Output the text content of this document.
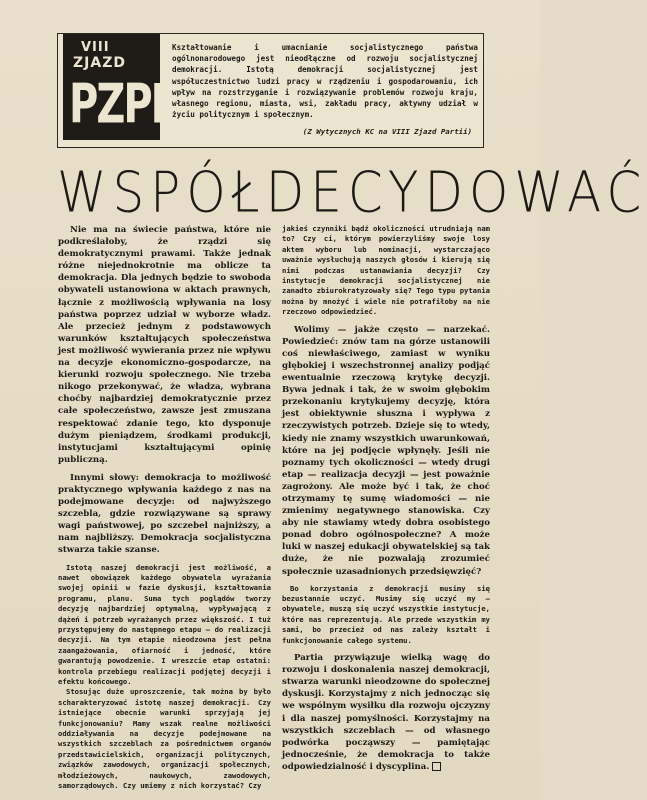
VIII
ZJAZD
PZPR
Kształtowanie i umacnianie socjalistycznego państwa ogólnonarodowego jest nieodłączne od rozwoju socjalistycznej demokracji. Istotą demokracji socjalistycznej jest współuczestnictwo ludzi pracy w rządzeniu i gospodarowaniu, ich wpływ na rozstrzyganie i rozwiązywanie problemów rozwoju kraju, własnego regionu, miasta, wsi, zakładu pracy, aktywny udział w życiu politycznym i społecznym.
(Z Wytycznych KC na VIII Zjazd Partii)
WSPÓŁDECYDOWAĆ

Nie ma na świecie państwa, które nie podkreślałoby, że rządzi się demokratycznymi prawami. Także jednak różne niejednokrotnie ma oblicze ta demokracja. Dla jednych będzie to swoboda obywateli ustanowiona w aktach prawnych, łącznie z możliwością wpływania na losy państwa poprzez udział w wyborze władz. Ale przecież jednym z podstawowych warunków kształtujących społeczeństwa jest możliwość wywierania przez nie wpływu na decyzje ekonomiczno-gospodarcze, na kierunki rozwoju społecznego. Nie trzeba nikogo przekonywać, że władza, wybrana choćby najbardziej demokratycznie przez całe społeczeństwo, zawsze jest zmuszana respektować zdanie tego, kto dysponuje dużym pieniądzem, środkami produkcji, instytucjami kształtującymi opinię publiczną.

Innymi słowy: demokracja to możliwość praktycznego wpływania każdego z nas na podejmowane decyzje: od najwyższego szczebla, gdzie rozwiązywane są sprawy wagi państwowej, po szczebel najniższy, a nam najbliższy. Demokracja socjalistyczna stwarza takie szanse.

Istotą naszej demokracji jest możliwość, a nawet obowiązek każdego obywatela wyrażania swojej opinii w fazie dyskusji, kształtowania programu, planu. Suma tych poglądów tworzy decyzję najbardziej optymalną, wypływającą z dążeń i potrzeb wyrażanych przez większość. I tuż przystępujemy do następnego etapu — do realizacji decyzji. Na tym etapie nieodzowna jest pełna zaangażowania, ofiarność i jedność, które gwarantują powodzenie. I wreszcie etap ostatni: kontrola przebiegu realizacji podjętej decyzji i efektu końcowego.

Stosując duże uproszczenie, tak można by było scharakteryzować istotę naszej demokracji. Czy istniejące obecnie warunki sprzyjają jej funkcjonowaniu? Mamy wszak realne możliwości oddziaływania na decyzje podejmowane na wszystkich szczeblach za pośrednictwem organów przedstawicielskich, organizacji politycznych, związków zawodowych, organizacji społecznych, młodzieżowych, naukowych, zawodowych, samorządowych. Czy umiemy z nich korzystać? Czy

jakieś czynniki bądź okoliczności utrudniają nam to? Czy ci, którym powierzyliśmy swoje losy aktem wyboru lub nominacji, wystarczająco uważnie wysłuchują naszych głosów i kierują się nimi podczas ustanawiania decyzji? Czy instytucje demokracji socjalistycznej nie zanadto zbiurokratyzowały się? Tego typu pytania można by mnożyć i wiele nie potrafiłoby na nie rzeczowo odpowiedzieć.

Wolimy — jakże często — narzekać. Powiedzieć: znów tam na górze ustanowili coś niewłaściwego, zamiast w wyniku głębokiej i wszechstronnej analizy podjąć ewentualnie rzeczową krytykę decyzji. Bywa jednak i tak, że w swoim głębokim przekonaniu krytykujemy decyzję, która jest obiektywnie słuszna i wypływa z rzeczywistych potrzeb. Dzieje się to wtedy, kiedy nie znamy wszystkich uwarunkowań, które na jej podjęcie wpłynęły. Jeśli nie poznamy tych okoliczności — wtedy drugi etap — realizacja decyzji — jest poważnie zagrożony. Ale może być i tak, że choć otrzymamy tę sumę wiadomości — nie zmienimy negatywnego stanowiska. Czy aby nie stawiamy wtedy dobra osobistego ponad dobro ogólnospołeczne? A może luki w naszej edukacji obywatelskiej są tak duże, że nie pozwalają zrozumieć społecznie uzasadnionych przedsięwzięć?

Bo korzystania z demokracji musimy się bezustannie uczyć. Musimy się uczyć my — obywatele, muszą się uczyć wszystkie instytucje, które nas reprezentują. Ale przede wszystkim my sami, bo przecież od nas zależy kształt i funkcjonowanie całego systemu.

Partia przywiązuje wielką wagę do rozwoju i doskonalenia naszej demokracji, stwarza warunki nieodzowne do społecznej dyskusji. Korzystajmy z nich jednocząc się we wspólnym wysiłku dla rozwoju ojczyzny i dla naszej pomyślności. Korzystajmy na wszystkich szczeblach — od własnego podwórka począwszy — pamiętając jednocześnie, że demokracja to także odpowiedzialność i dyscyplina.
